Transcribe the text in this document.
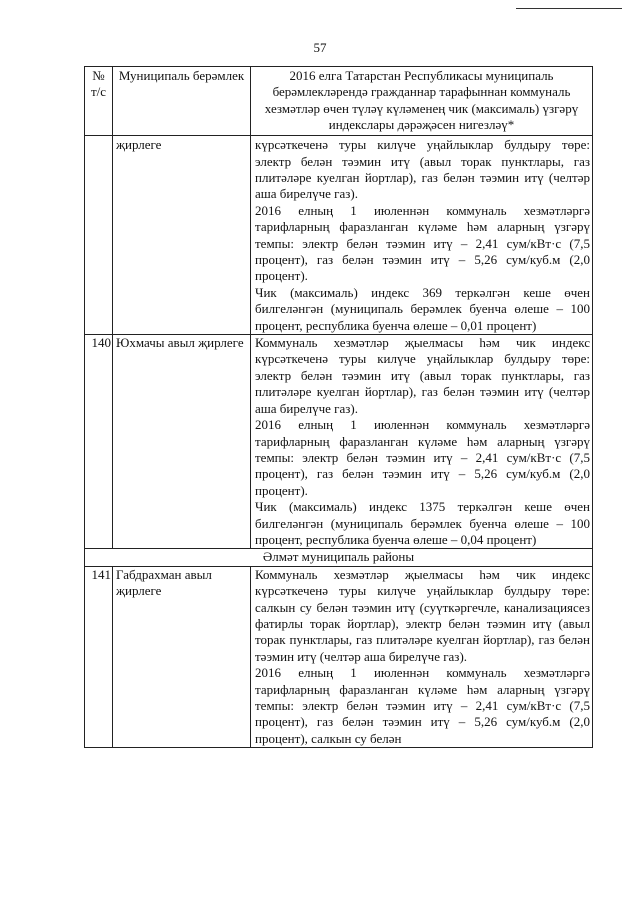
57
№ т/с	Муниципаль берәмлек	2016 елга Татарстан Республикасы муниципаль берәмлекләрендә гражданнар тарафыннан коммуналь хезмәтләр өчен түләү күләменең чик (максималь) үзгәрү индекслары дәрәҗәсен нигезләү*
	җирлеге	күрсәткеченә туры килүче уңайлыклар булдыру төре: электр белән тәэмин итү (авыл торак пунктлары, газ плитәләре куелган йортлар), газ белән тәэмин итү (челтәр аша бирелүче газ).

2016 елның 1 июленнән коммуналь хезмәтләргә тарифларның фаразланган күләме һәм аларның үзгәрү темпы: электр белән тәэмин итү – 2,41 сум/кВт·с (7,5 процент), газ белән тәэмин итү – 5,26 сум/куб.м (2,0 процент).

Чик (максималь) индекс 369 теркәлгән кеше өчен билгеләнгән (муниципаль берәмлек буенча өлеше – 100 процент, республика буенча өлеше – 0,01 процент)

140	Юхмачы авыл җирлеге	Коммуналь хезмәтләр җыелмасы һәм чик индекс күрсәткеченә туры килүче уңайлыклар булдыру төре: электр белән тәэмин итү (авыл торак пунктлары, газ плитәләре куелган йортлар), газ белән тәэмин итү (челтәр аша бирелүче газ).

2016 елның 1 июленнән коммуналь хезмәтләргә тарифларның фаразланган күләме һәм аларның үзгәрү темпы: электр белән тәэмин итү – 2,41 сум/кВт·с (7,5 процент), газ белән тәэмин итү – 5,26 сум/куб.м (2,0 процент).

Чик (максималь) индекс 1375 теркәлгән кеше өчен билгеләнгән (муниципаль берәмлек буенча өлеше – 100 процент, республика буенча өлеше – 0,04 процент)

Әлмәт муниципаль районы		
141	Габдрахман авыл җирлеге	Коммуналь хезмәтләр җыелмасы һәм чик индекс күрсәткеченә туры килүче уңайлыклар булдыру төре: салкын су белән тәэмин итү (суүткәргечле, канализациясез фатирлы торак йортлар), электр белән тәэмин итү (авыл торак пунктлары, газ плитәләре куелган йортлар), газ белән тәэмин итү (челтәр аша бирелүче газ).

2016 елның 1 июленнән коммуналь хезмәтләргә тарифларның фаразланган күләме һәм аларның үзгәрү темпы: электр белән тәэмин итү – 2,41 сум/кВт·с (7,5 процент), газ белән тәэмин итү – 5,26 сум/куб.м (2,0 процент), салкын су белән
